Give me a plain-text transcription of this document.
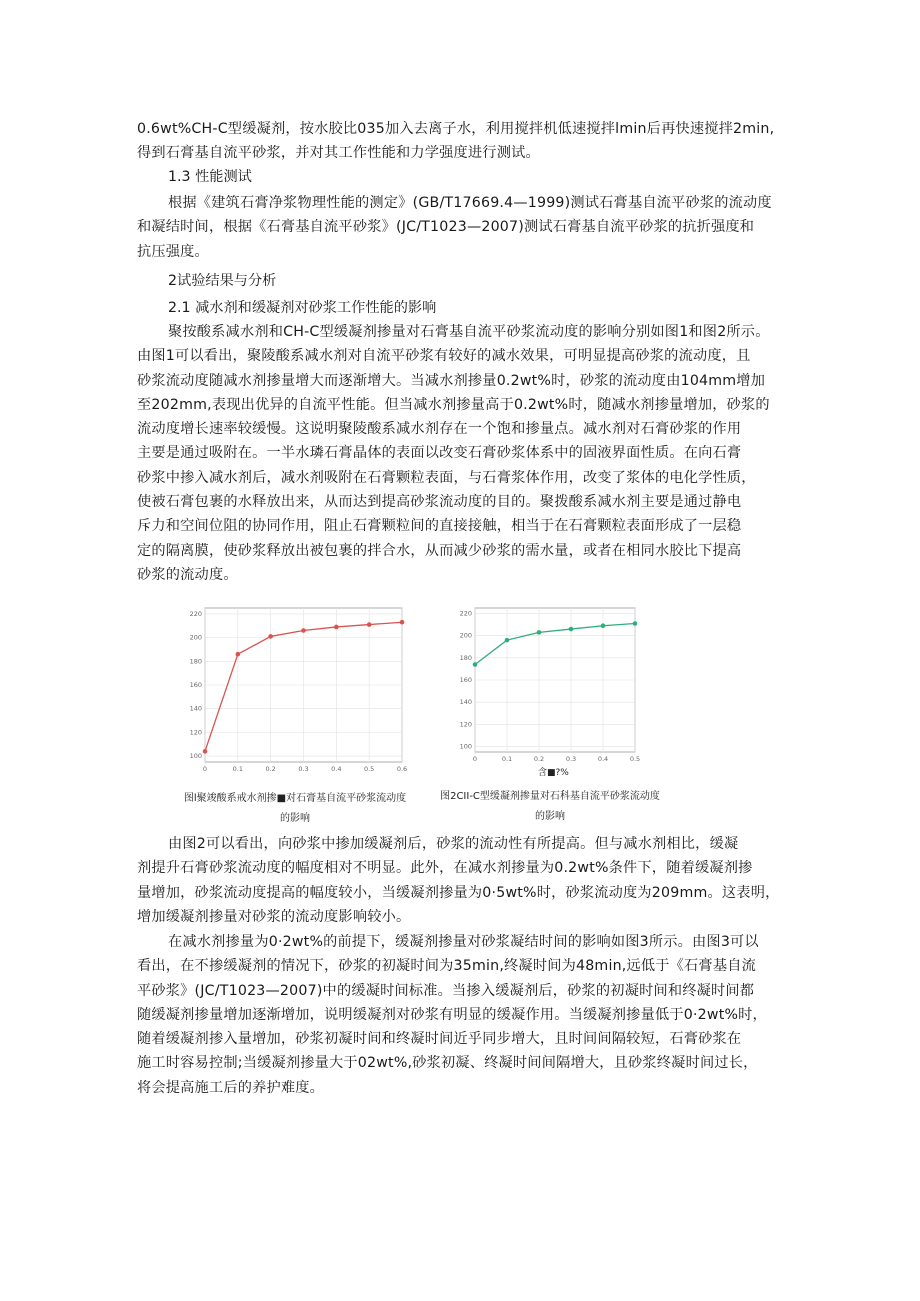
0.6wt%CH-C型缓凝剂，按水胶比035加入去离子水，利用搅拌机低速搅拌lmin后再快速搅拌2min,
得到石膏基自流平砂浆，并对其工作性能和力学强度进行测试。

1.3 性能测试

根据《建筑石膏净浆物理性能的测定》(GB/T17669.4—1999)测试石膏基自流平砂浆的流动度
和凝结时间，根据《石膏基自流平砂浆》(JC/T1023—2007)测试石膏基自流平砂浆的抗折强度和
抗压强度。

2试验结果与分析

2.1 减水剂和缓凝剂对砂浆工作性能的影响

聚按酸系减水剂和CH-C型缓凝剂掺量对石膏基自流平砂浆流动度的影响分别如图1和图2所示。
由图1可以看出，聚陵酸系减水剂对自流平砂浆有较好的减水效果，可明显提高砂浆的流动度，且
砂浆流动度随减水剂掺量增大而逐渐增大。当减水剂掺量0.2wt%时，砂浆的流动度由104mm增加
至202mm,表现出优异的自流平性能。但当减水剂掺量高于0.2wt%时，随减水剂掺量增加，砂浆的
流动度增长速率较缓慢。这说明聚陵酸系减水剂存在一个饱和掺量点。减水剂对石膏砂浆的作用
主要是通过吸附在。一半水璘石膏晶体的表面以改变石膏砂浆体系中的固液界面性质。在向石膏
砂浆中掺入减水剂后，减水剂吸附在石膏颗粒表面，与石膏浆体作用，改变了浆体的电化学性质，
使被石膏包裹的水释放出来，从而达到提高砂浆流动度的目的。聚拨酸系减水剂主要是通过静电
斥力和空间位阻的协同作用，阻止石膏颗粒间的直接接触，相当于在石膏颗粒表面形成了一层稳
定的隔离膜，使砂浆释放出被包裹的拌合水，从而减少砂浆的需水量，或者在相同水胶比下提高
砂浆的流动度。

100
120
140
160
180
200
220
0	0.1	0.2	0.3	0.4	0.5	0.6
图l聚竣酸系戒水剂掺■对石膏基自流平砂浆流动度
的影响
100
120
140
160
180
200
220
0	0.1	0.2	0.3	0.4	0.5
含■?%
图2CII-C型缓凝剂掺量对石科基自流平砂浆流动度
的影响

由图2可以看出，向砂浆中掺加缓凝剂后，砂浆的流动性有所提高。但与减水剂相比，缓凝
剂提升石膏砂浆流动度的幅度相对不明显。此外，在减水剂掺量为0.2wt%条件下，随着缓凝剂掺
量增加，砂浆流动度提高的幅度较小，当缓凝剂掺量为0·5wt%时，砂浆流动度为209mm。这表明，
增加缓凝剂掺量对砂浆的流动度影响较小。

在减水剂掺量为0·2wt%的前提下，缓凝剂掺量对砂浆凝结时间的影响如图3所示。由图3可以
看出，在不掺缓凝剂的情况下，砂浆的初凝时间为35min,终凝时间为48min,远低于《石膏基自流
平砂浆》(JC/T1023—2007)中的缓凝时间标准。当掺入缓凝剂后，砂浆的初凝时间和终凝时间都
随缓凝剂掺量增加逐渐增加，说明缓凝剂对砂浆有明显的缓凝作用。当缓凝剂掺量低于0·2wt%时，
随着缓凝剂掺入量增加，砂浆初凝时间和终凝时间近乎同步增大，且时间间隔较短，石膏砂浆在
施工时容易控制;当缓凝剂掺量大于02wt%,砂浆初凝、终凝时间间隔增大，且砂浆终凝时间过长，
将会提高施工后的养护难度。
